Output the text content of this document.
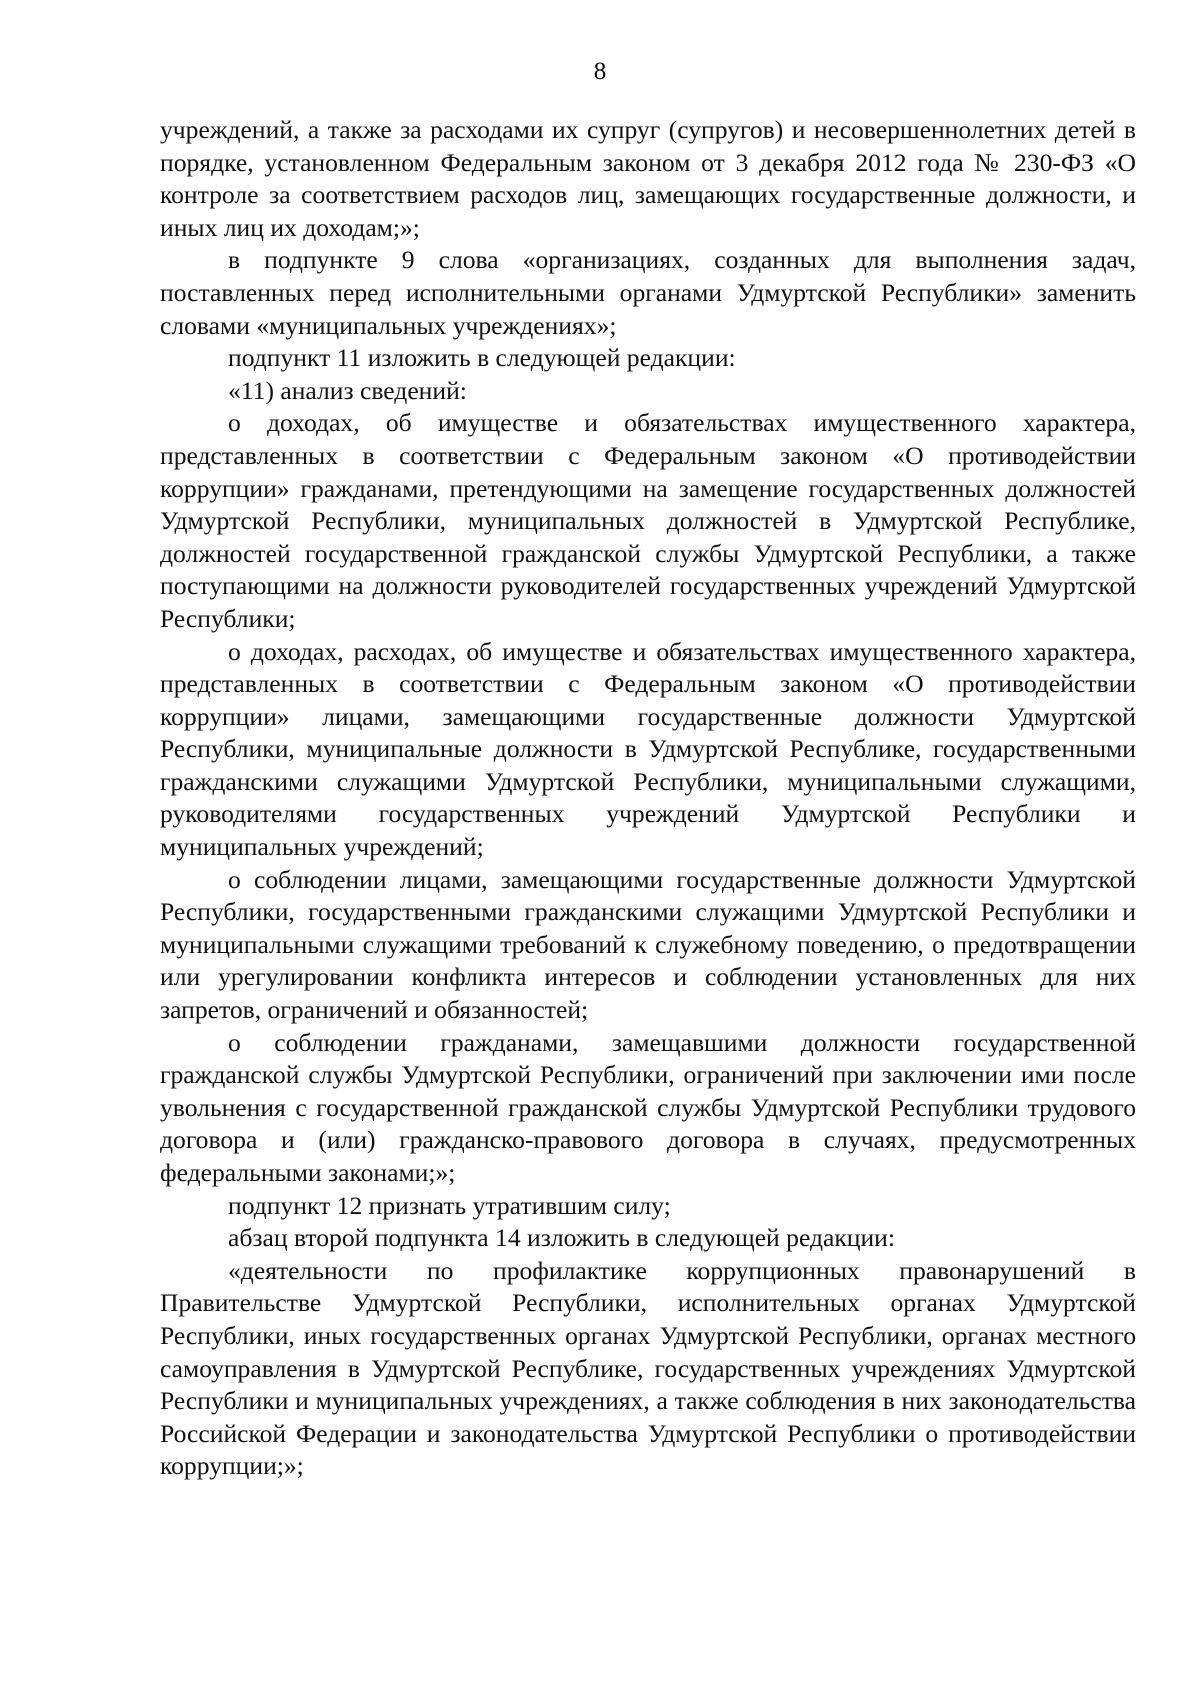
8

учреждений, а также за расходами их супруг (супругов) и несовершеннолетних детей в порядке, установленном Федеральным законом от 3 декабря 2012 года № 230-ФЗ «О контроле за соответствием расходов лиц, замещающих государственные должности, и иных лиц их доходам;»;

в подпункте 9 слова «организациях, созданных для выполнения задач, поставленных перед исполнительными органами Удмуртской Республики» заменить словами «муниципальных учреждениях»;

подпункт 11 изложить в следующей редакции:

«11) анализ сведений:

о доходах, об имуществе и обязательствах имущественного характера, представленных в соответствии с Федеральным законом «О противодействии коррупции» гражданами, претендующими на замещение государственных должностей Удмуртской Республики, муниципальных должностей в Удмуртской Республике, должностей государственной гражданской службы Удмуртской Республики, а также поступающими на должности руководителей государственных учреждений Удмуртской Республики;

о доходах, расходах, об имуществе и обязательствах имущественного характера, представленных в соответствии с Федеральным законом «О противодействии коррупции» лицами, замещающими государственные должности Удмуртской Республики, муниципальные должности в Удмуртской Республике, государственными гражданскими служащими Удмуртской Республики, муниципальными служащими, руководителями государственных учреждений Удмуртской Республики и муниципальных учреждений;

о соблюдении лицами, замещающими государственные должности Удмуртской Республики, государственными гражданскими служащими Удмуртской Республики и муниципальными служащими требований к служебному поведению, о предотвращении или урегулировании конфликта интересов и соблюдении установленных для них запретов, ограничений и обязанностей;

о соблюдении гражданами, замещавшими должности государственной гражданской службы Удмуртской Республики, ограничений при заключении ими после увольнения с государственной гражданской службы Удмуртской Республики трудового договора и (или) гражданско-правового договора в случаях, предусмотренных федеральными законами;»;

подпункт 12 признать утратившим силу;

абзац второй подпункта 14 изложить в следующей редакции:

«деятельности по профилактике коррупционных правонарушений в Правительстве Удмуртской Республики, исполнительных органах Удмуртской Республики, иных государственных органах Удмуртской Республики, органах местного самоуправления в Удмуртской Республике, государственных учреждениях Удмуртской Республики и муниципальных учреждениях, а также соблюдения в них законодательства Российской Федерации и законодательства Удмуртской Республики о противодействии коррупции;»;
